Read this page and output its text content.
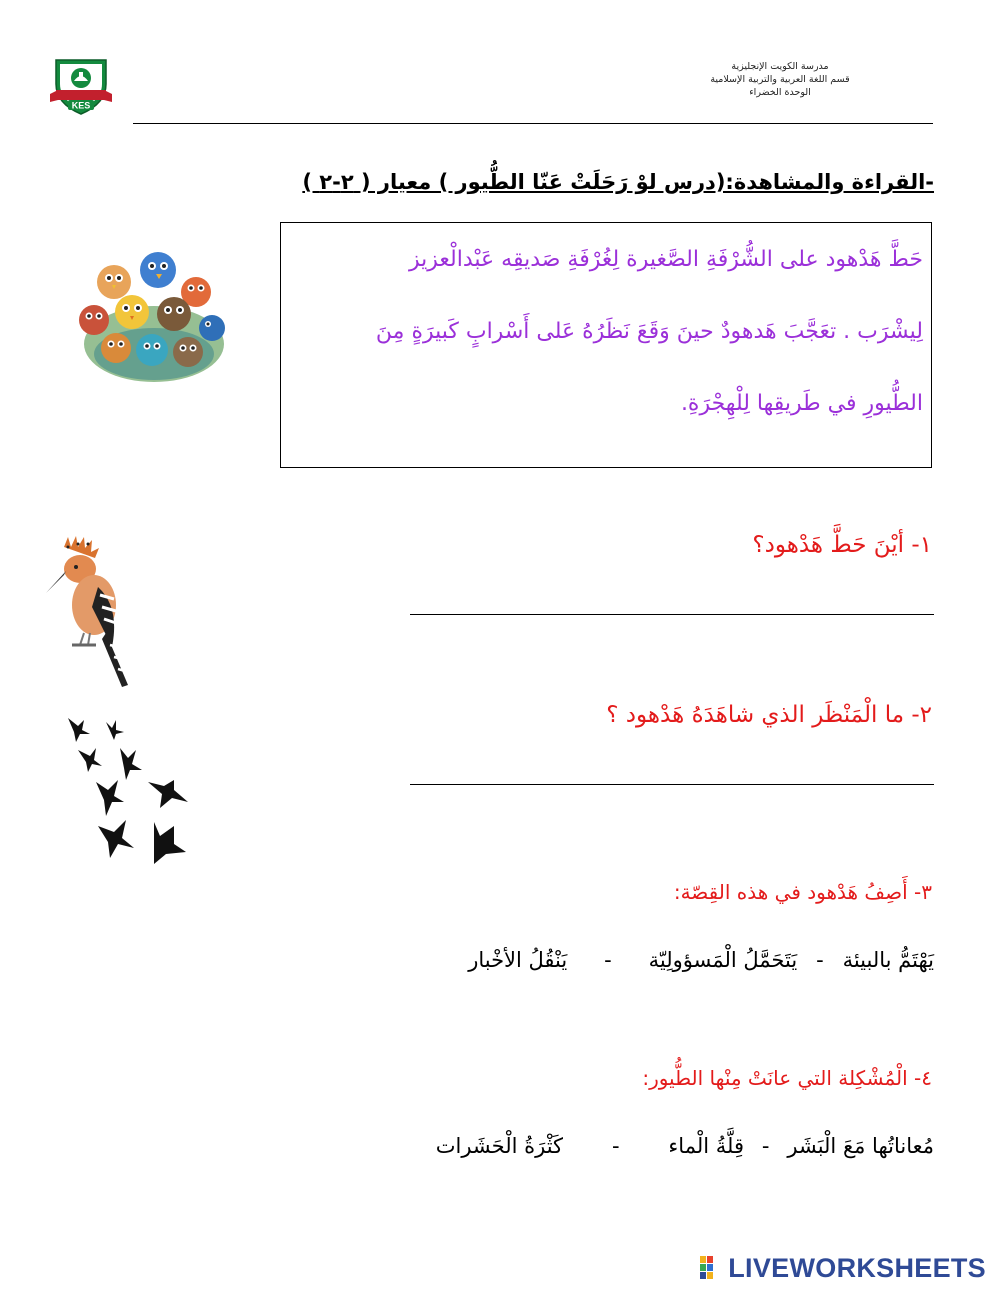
مدرسة الكويت الإنجليزية
قسم اللغة العربية والتربية الإسلامية
الوحدة الخضراء
KES
-القراءة والمشاهدة:(درس لوْ رَحَلَتْ عَنّا الطُّيور ) معيار ( ٢-٢ )
حَطَّ هَدْهود على الشُّرْفَةِ الصَّغيرة لِغُرْفَةِ صَديقِه عَبْدالْعزيز
لِيشْرَب . تعَجَّبَ هَدهودٌ حينَ وَقَعَ نَظَرُهُ عَلى أَسْرابٍ كَبيرَةٍ مِنَ
الطُّيورِ في طَريقِها لِلْهِجْرَةِ.
١- أيْنَ حَطَّ هَدْهود؟
٢- ما الْمَنْظَر الذي شاهَدَهُ هَدْهود ؟
٣- أَصِفُ هَدْهود في هذه القِصّة:
يَهْتَمُّ بالبيئة - يَتَحَمَّلُ الْمَسؤولِيّة - يَنْقُلُ الأخْبار
٤- الْمُشْكِلة التي عانَتْ مِنْها الطُّيور:
مُعاناتُها مَعَ الْبَشَر - قِلَّةُ الْماء - كَثْرَةُ الْحَشَرات
LIVEWORKSHEETS
